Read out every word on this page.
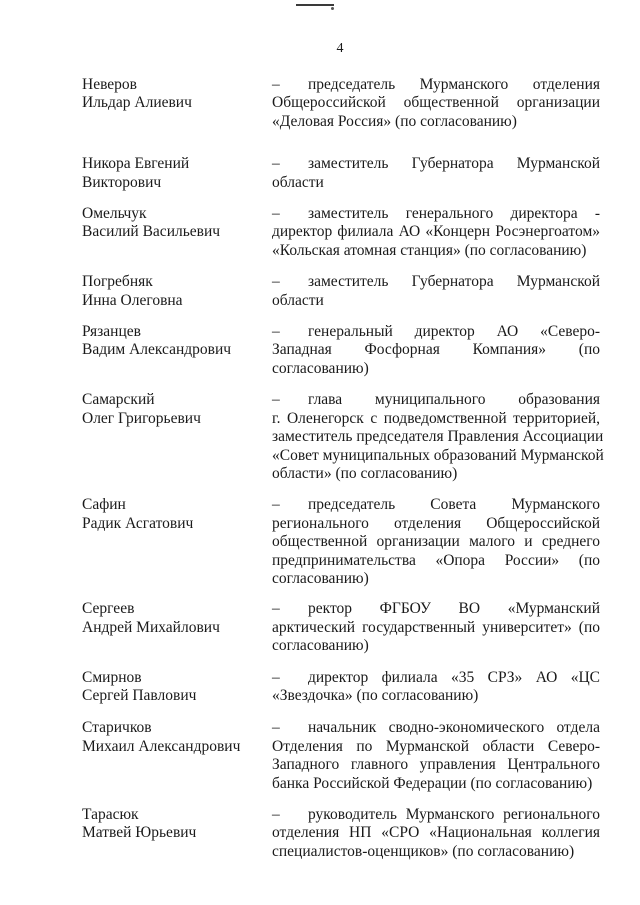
4
Неверов
Ильдар Алиевич
– председатель Мурманского отделения
Общероссийской общественной организации
«Деловая Россия» (по согласованию)
Никора Евгений
Викторович
– заместитель Губернатора Мурманской
области
Омельчук
Василий Васильевич
– заместитель генерального директора -
директор филиала АО «Концерн Росэнергоатом»
«Кольская атомная станция» (по согласованию)
Погребняк
Инна Олеговна
– заместитель Губернатора Мурманской
области
Рязанцев
Вадим Александрович
– генеральный директор АО «Северо-
Западная Фосфорная Компания» (по
согласованию)
Самарский
Олег Григорьевич
– глава муниципального образования
г. Оленегорск с подведомственной территорией,
заместитель председателя Правления Ассоциации
«Совет муниципальных образований Мурманской
области» (по согласованию)
Сафин
Радик Асгатович
– председатель Совета Мурманского
регионального отделения Общероссийской
общественной организации малого и среднего
предпринимательства «Опора России» (по
согласованию)
Сергеев
Андрей Михайлович
– ректор ФГБОУ ВО «Мурманский
арктический государственный университет» (по
согласованию)
Смирнов
Сергей Павлович
– директор филиала «35 СРЗ» АО «ЦС
«Звездочка» (по согласованию)
Старичков
Михаил Александрович
– начальник сводно-экономического отдела
Отделения по Мурманской области Северо-
Западного главного управления Центрального
банка Российской Федерации (по согласованию)
Тарасюк
Матвей Юрьевич
– руководитель Мурманского регионального
отделения НП «СРО «Национальная коллегия
специалистов-оценщиков» (по согласованию)
